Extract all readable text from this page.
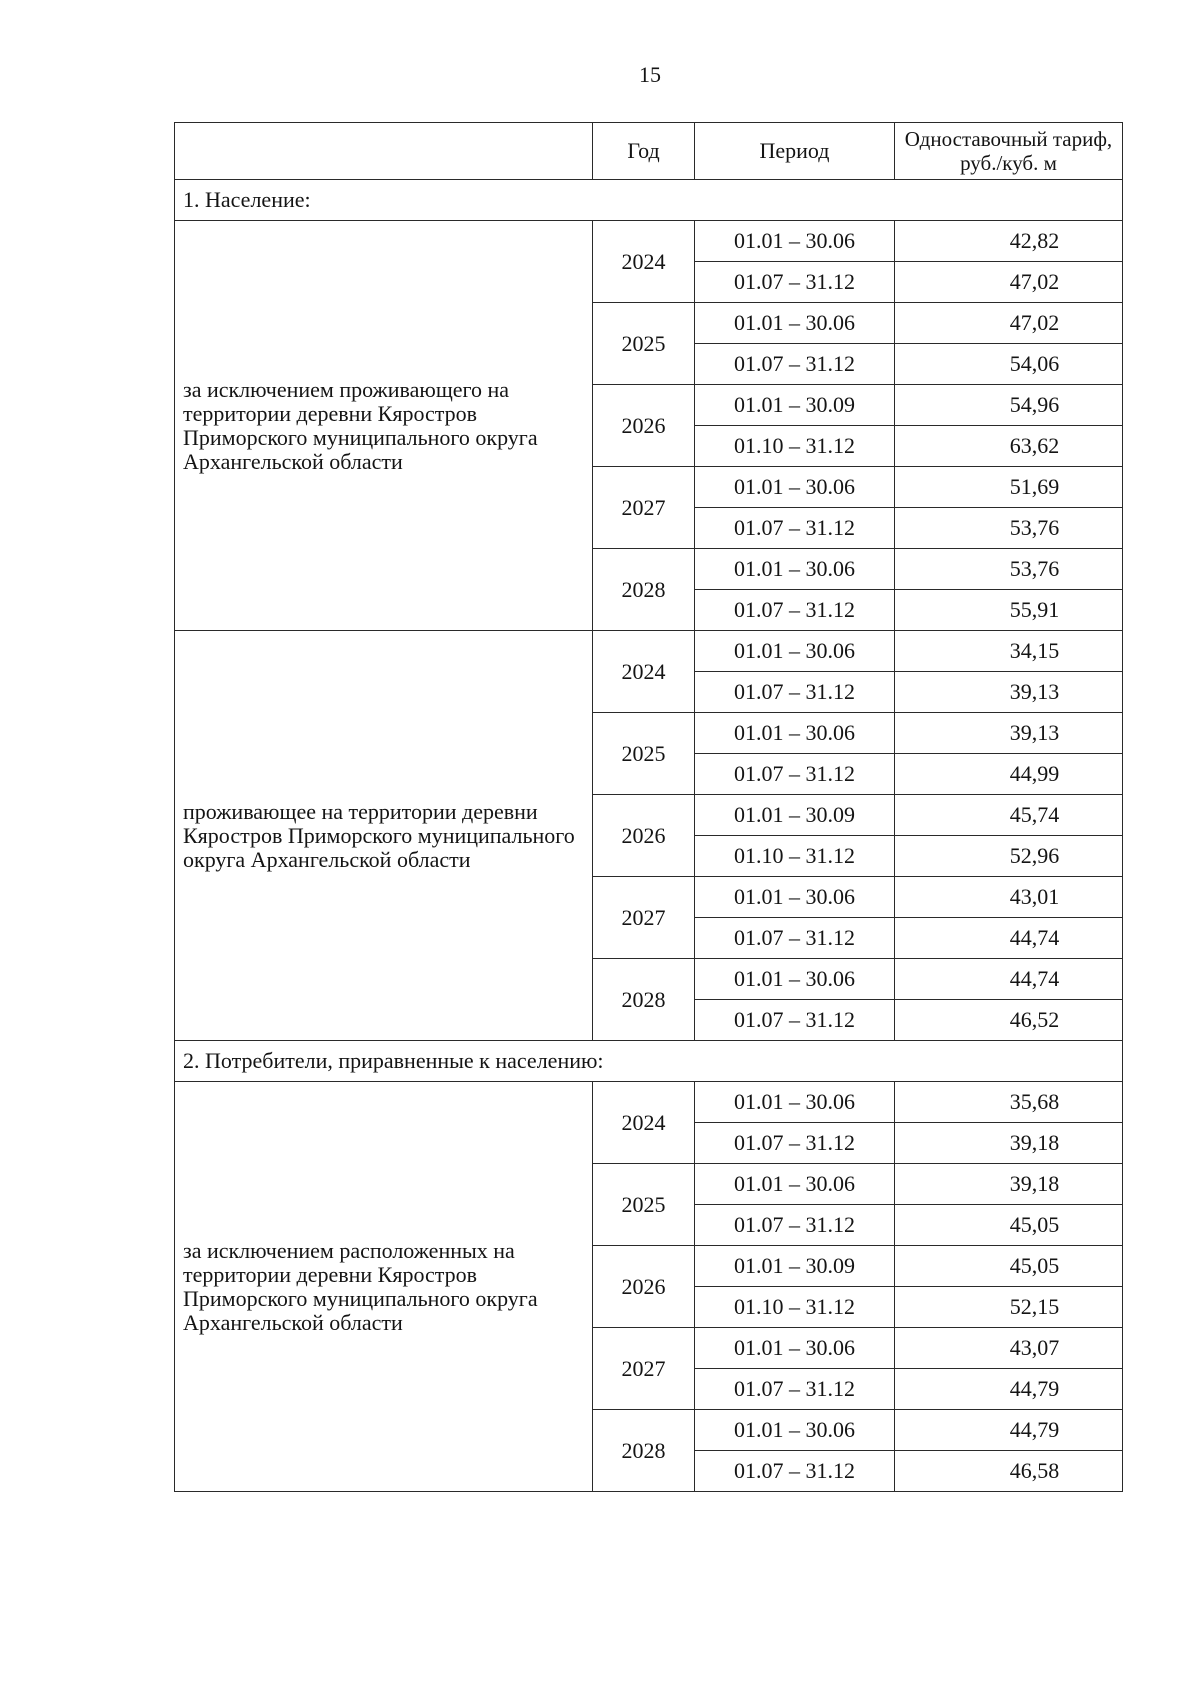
15
	Год	Период	Одноставочный тариф, руб./куб. м
1. Население:			
за исключением проживающего на территории деревни Кяростров Приморского муниципального округа Архангельской области	2024	01.01 – 30.06	42,82
		01.07 – 31.12	47,02
	2025	01.01 – 30.06	47,02
		01.07 – 31.12	54,06
	2026	01.01 – 30.09	54,96
		01.10 – 31.12	63,62
	2027	01.01 – 30.06	51,69
		01.07 – 31.12	53,76
	2028	01.01 – 30.06	53,76
		01.07 – 31.12	55,91
проживающее на территории деревни Кяростров Приморского муниципального округа Архангельской области	2024	01.01 – 30.06	34,15
		01.07 – 31.12	39,13
	2025	01.01 – 30.06	39,13
		01.07 – 31.12	44,99
	2026	01.01 – 30.09	45,74
		01.10 – 31.12	52,96
	2027	01.01 – 30.06	43,01
		01.07 – 31.12	44,74
	2028	01.01 – 30.06	44,74
		01.07 – 31.12	46,52
2. Потребители, приравненные к населению:			
за исключением расположенных на территории деревни Кяростров Приморского муниципального округа Архангельской области	2024	01.01 – 30.06	35,68
		01.07 – 31.12	39,18
	2025	01.01 – 30.06	39,18
		01.07 – 31.12	45,05
	2026	01.01 – 30.09	45,05
		01.10 – 31.12	52,15
	2027	01.01 – 30.06	43,07
		01.07 – 31.12	44,79
	2028	01.01 – 30.06	44,79
		01.07 – 31.12	46,58
